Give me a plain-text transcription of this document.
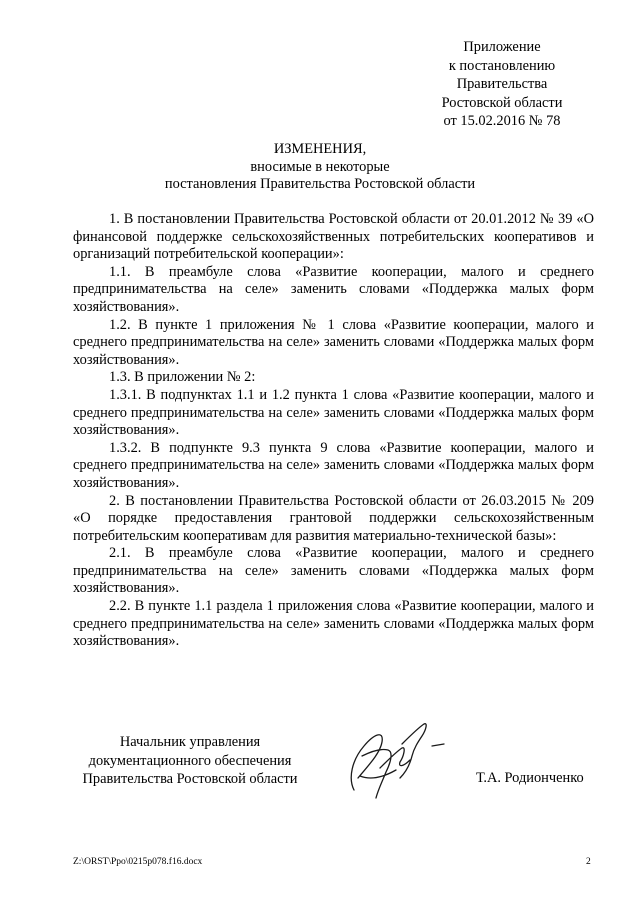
Приложение
к постановлению
Правительства
Ростовской области
от 15.02.2016 № 78
ИЗМЕНЕНИЯ,
вносимые в некоторые
постановления Правительства Ростовской области

1. В постановлении Правительства Ростовской области от 20.01.2012 № 39 «О финансовой поддержке сельскохозяйственных потребительских кооперативов и организаций потребительской кооперации»:

1.1. В преамбуле слова «Развитие кооперации, малого и среднего предпринимательства на селе» заменить словами «Поддержка малых форм хозяйствования».

1.2. В пункте 1 приложения № 1 слова «Развитие кооперации, малого и среднего предпринимательства на селе» заменить словами «Поддержка малых форм хозяйствования».

1.3. В приложении № 2:

1.3.1. В подпунктах 1.1 и 1.2 пункта 1 слова «Развитие кооперации, малого и среднего предпринимательства на селе» заменить словами «Поддержка малых форм хозяйствования».

1.3.2. В подпункте 9.3 пункта 9 слова «Развитие кооперации, малого и среднего предпринимательства на селе» заменить словами «Поддержка малых форм хозяйствования».

2. В постановлении Правительства Ростовской области от 26.03.2015 № 209 «О порядке предоставления грантовой поддержки сельскохозяйственным потребительским кооперативам для развития материально-технической базы»:

2.1. В преамбуле слова «Развитие кооперации, малого и среднего предпринимательства на селе» заменить словами «Поддержка малых форм хозяйствования».

2.2. В пункте 1.1 раздела 1 приложения слова «Развитие кооперации, малого и среднего предпринимательства на селе» заменить словами «Поддержка малых форм хозяйствования».

Начальник управления
документационного обеспечения
Правительства Ростовской области	Т.А. Родионченко
Z:\ORST\Ppo\0215p078.f16.docx	2
